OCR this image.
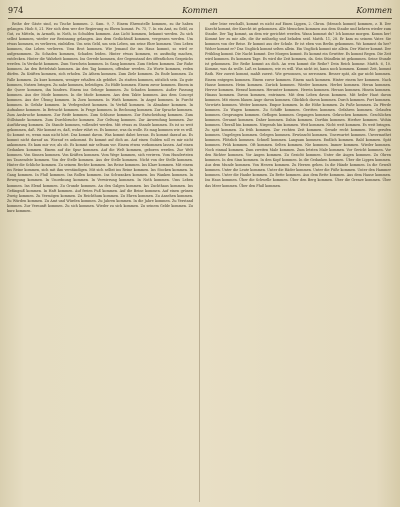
974	Kommen	Kommen

Reihe der Gäste sind, zu Tische kommen. 2. Sam. 9, 7. Einem Ehrenstelle kommen, zu ihr haben gelangen. Hiob 8, 21. Wer sich dem wer der Regierung zu Ehren kommt. Ps. 75, 7. In ein Amt, zu Geld, zu Gut, zu Mitteln, in Armuth, in Noth, in Schulden kommen. Ans Licht kommen, bekannt werden. Zu sich selbst kommen, wieder zur Besinnung gelangen. Aus dem Gedächtniß kommen, vergessen werden. Um etwas kommen, es verlieren, einbüßen. Um sein Geld, um sein Leben, um seine Ehre kommen. Ums Leben kommen, das Leben verlieren. Ums Brot kommen. Wie Jemand ihr ins Haus kommt, so wird er aufgenommen. Zu Schaden kommen, Schaden leiden. Hinter etwas kommen, es ausfindig machen, entdecken. Hinter die Wahrheit kommen. Ins Gerede kommen, der Gegenstand des öffentlichen Gesprächs werden. In Verdacht kommen. Zum Vorschein kommen. In Gang kommen. Zum Stehen kommen. Zur Ruhe kommen. An den Bettelstab kommen. An den Tag kommen, offenbar werden. Zu Worte kommen, reden dürfen. Zu Kräften kommen, sich erholen. Zu Athem kommen. Zum Ziele kommen. Zu Ende kommen. Zu Falle kommen. Zu kurz kommen, weniger erhalten als gebührt. Zu statten kommen, nützlich sein. Zu gute kommen, Nutzen bringen. Zu nahe kommen, beleidigen. Zu Hülfe kommen. Einem zuvor kommen. Einem in die Quere kommen, ihn hindern. Einem ins Gehege kommen. Zu Schaden kommen. Außer Fassung kommen. Aus der Mode kommen. In die Mode kommen. Aus dem Takte kommen. Aus dem Concept kommen. Aus der Übung kommen. In Zorn kommen. In Wuth kommen. In Angst kommen. In Furcht kommen. In Gefahr kommen. In Verlegenheit kommen. In Verfall kommen. In Abnahme kommen. In Aufnahme kommen. In Betracht kommen. In Frage kommen. In Rechnung kommen. Zur Sprache kommen. Zum Ausbruche kommen. Zur Reife kommen. Zum Schlusse kommen. Zur Entscheidung kommen. Zum Stillstande kommen. Zum Durchbruche kommen. Zur Geltung kommen. Zur Anwendung kommen. Zur Ausführung kommen. Zu Stande kommen, vollendet werden. Mit etwas zu Stande kommen. Es ist so weit gekommen, daß. Wie kommt es, daß, woher rührt es. Es komme, was da wolle. Es mag kommen wie es will. So kommt es, wenn man nicht hört. Das kommt davon. Was kommt dabei heraus. Es kommt darauf an. Es kommt nicht darauf an. Worauf es ankommt. Es kommt auf dich an. Auf einen Gulden soll es mir nicht ankommen. Es kam mir vor, als ob. Es kommt mir seltsam vor. Einem etwas vorkommen lassen. Auf einen Gedanken kommen. Einem auf die Spur kommen. Auf die Welt kommen, geboren werden. Zur Welt kommen. Von Sinnen kommen. Von Kräften kommen. Vom Wege kommen, sich verirren. Vom Hundertsten ins Tausendste kommen. Von der Stelle kommen. Aus der Stelle kommen. Nicht von der Stelle kommen. Hinter die Schliche kommen. Zu seinem Rechte kommen. Ins Reine kommen. Ins Klare kommen. Mit einem ins Reine kommen, sich mit ihm verständigen. Mit sich selbst ins Reine kommen. Ins Stocken kommen. In Gang kommen. In Fluß kommen. Ins Rollen kommen. Ins Schwanken kommen. Ins Wanken kommen. In Bewegung kommen. In Unordnung kommen. In Verwirrung kommen. In Noth kommen. Ums Leben kommen. Ins Elend kommen. Zu Grunde kommen. An den Galgen kommen. Ins Zuchthaus kommen. Ins Gefängniß kommen. In Haft kommen. Auf freien Fuß kommen. Auf die Beine kommen. Auf einen grünen Zweig kommen. Zu Vermögen kommen. Zu Reichthum kommen. Zu Ehren kommen. Zu Ansehen kommen. Zu Würden kommen. Zu Amt und Würden kommen. Zu Jahren kommen. In die Jahre kommen. Zu Verstand kommen. Zur Vernunft kommen. Zu sich kommen. Wieder zu sich kommen. Zu seinem Gelde kommen. Zu kurz kommen.

oder leise erschallt, kommt es nicht auf Einen Lippen, 2. Chron. (Mensch kommt) kommen, z. B. Der Knecht kommt, der Knecht ist gekommen. Alle Menschen kommen aus dem Staube und kehren wieder zum Staube. Der Tag kommt, an dem wir gerichtet werden. Wann kommst du? Ich komme morgen. Komm her! Kommt her zu mir alle, die ihr mühselig und beladen seid. Matth. 11, 28. Er kam zu seinem Vater. Sie kommen von der Reise. Er kommt aus der Schule. Er ist eben von Berlin gekommen. Wo kommst du her? Woher kommt er? Das Unglück kommt selten allein. Ein Unglück kommt nie allein. Der Winter kommt. Der Frühling kommt. Die Nacht kommt. Der Morgen kommt. Es kommt ein Gewitter. Es kommt Regen. Die Zeit wird kommen. Es kommen Tage. Es wird die Zeit kommen, da. Sein Stündlein ist gekommen. Seine Stunde ist gekommen. Die Reihe kommt an dich. An wen kommt die Reihe? Dein Reich komme. Matth. 6, 10. Komme, was da wolle. Laß es kommen, wie es will. Was nicht ist, kann noch kommen. Kommt Zeit, kommt Rath. Wer zuerst kommt, mahlt zuerst. Wie gewonnen, so zerronnen. Besser spät, als gar nicht kommen. Einem entgegen kommen. Einem zuvor kommen. Einem nach kommen. Hinter einem her kommen. Nach Hause kommen. Heim kommen. Zurück kommen. Wieder kommen. Herbei kommen. Heran kommen. Hervor kommen. Herauf kommen. Herunter kommen. Herein kommen. Heraus kommen. Hinein kommen. Hinaus kommen. Davon kommen, entrinnen. Mit dem Leben davon kommen. Mit heiler Haut davon kommen. Mit einem blauen Auge davon kommen. Glücklich davon kommen. Durch kommen. Fort kommen. Vorwärts kommen. Weiter kommen. Empor kommen. In die Höhe kommen. Zu Fuße kommen. Zu Pferde kommen. Zu Wagen kommen. Zu Schiffe kommen. Geritten kommen. Gefahren kommen. Gelaufen kommen. Gesprungen kommen. Geflogen kommen. Gegangen kommen. Gekrochen kommen. Geschlichen kommen. Gerannt kommen. Daher kommen. Dahin kommen. Dorthin kommen. Hierher kommen. Wohin kommen. Überall hin kommen. Nirgends hin kommen. Weit kommen. Nicht weit kommen. Es weit bringen. Zu spät kommen. Zu früh kommen. Zur rechten Zeit kommen. Gerade recht kommen. Wie gerufen kommen. Ungelegen kommen. Gelegen kommen. Erwünscht kommen. Unerwartet kommen. Unvermuthet kommen. Plötzlich kommen. Schnell kommen. Langsam kommen. Endlich kommen. Bald kommen. Spät kommen. Früh kommen. Oft kommen. Selten kommen. Nie kommen. Immer kommen. Wieder kommen. Noch einmal kommen. Zum zweiten Male kommen. Zum letzten Male kommen. Vor Gericht kommen. Vor den Richter kommen. Vor Augen kommen. Zu Gesicht kommen. Unter die Augen kommen. Zu Ohren kommen. In den Sinn kommen. In den Kopf kommen. In die Gedanken kommen. Über die Lippen kommen. Aus dem Munde kommen. Von Herzen kommen. Zu Herzen gehen. In die Hände kommen. In die Gewalt kommen. Unter die Leute kommen. Unter die Räder kommen. Unter die Füße kommen. Unter den Hammer kommen. Unter die Haube kommen. Zu Bette kommen. Aus dem Bette kommen. Aus dem Hause kommen. Ins Haus kommen. Über die Schwelle kommen. Über den Berg kommen. Über die Grenze kommen. Über das Meer kommen. Über den Fluß kommen.
